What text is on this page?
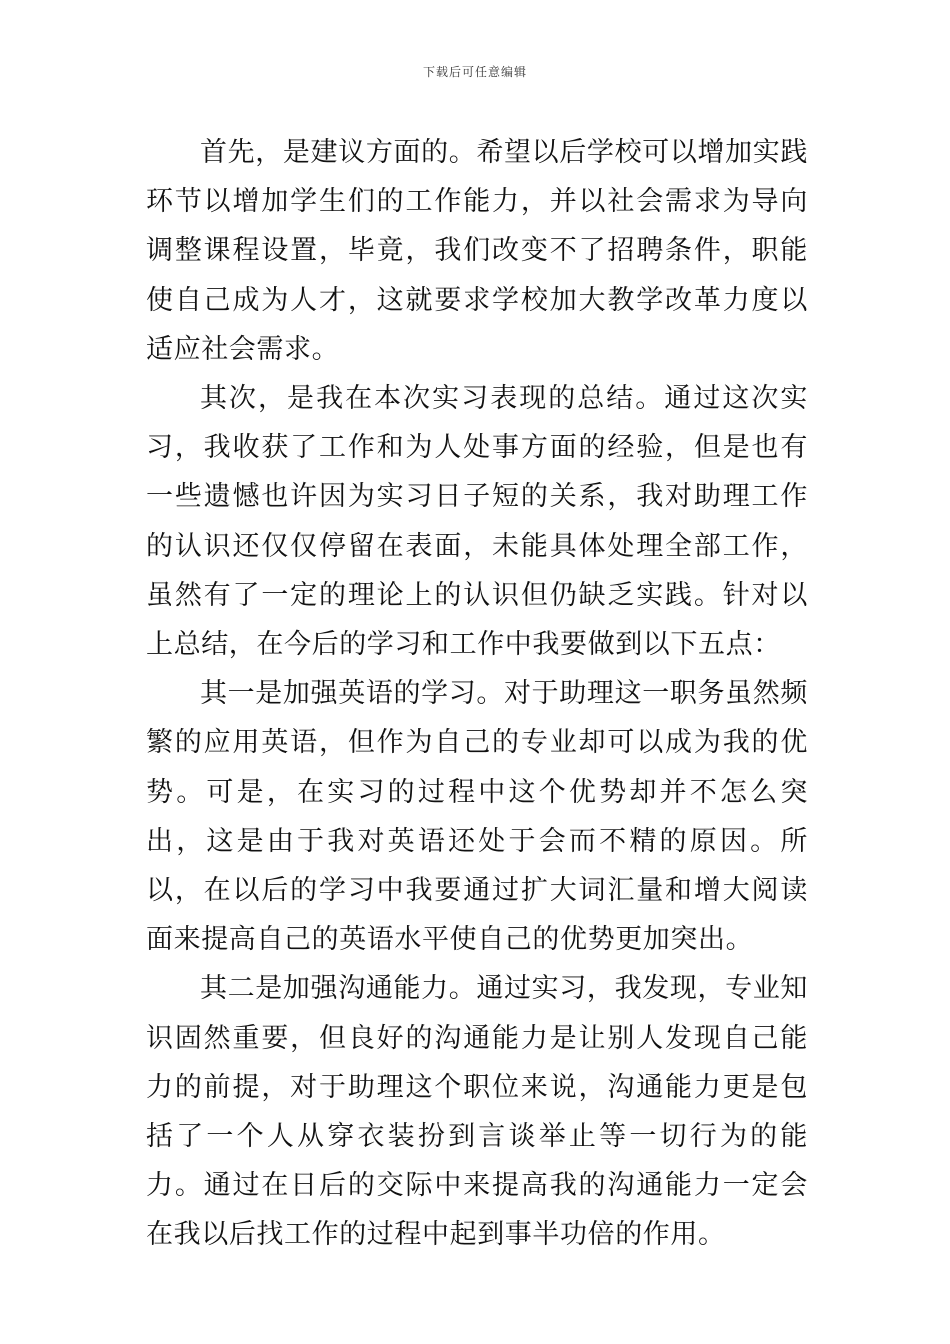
下载后可任意编辑

首先，是建议方面的。希望以后学校可以增加实践环节以增加学生们的工作能力，并以社会需求为导向调整课程设置，毕竟，我们改变不了招聘条件，职能使自己成为人才，这就要求学校加大教学改革力度以适应社会需求。

其次，是我在本次实习表现的总结。通过这次实习，我收获了工作和为人处事方面的经验，但是也有一些遗憾也许因为实习日子短的关系，我对助理工作的认识还仅仅停留在表面，未能具体处理全部工作，虽然有了一定的理论上的认识但仍缺乏实践。针对以上总结，在今后的学习和工作中我要做到以下五点：

其一是加强英语的学习。对于助理这一职务虽然频繁的应用英语，但作为自己的专业却可以成为我的优势。可是，在实习的过程中这个优势却并不怎么突出，这是由于我对英语还处于会而不精的原因。所以，在以后的学习中我要通过扩大词汇量和增大阅读面来提高自己的英语水平使自己的优势更加突出。

其二是加强沟通能力。通过实习，我发现，专业知识固然重要，但良好的沟通能力是让别人发现自己能力的前提，对于助理这个职位来说，沟通能力更是包括了一个人从穿衣装扮到言谈举止等一切行为的能力。通过在日后的交际中来提高我的沟通能力一定会在我以后找工作的过程中起到事半功倍的作用。
